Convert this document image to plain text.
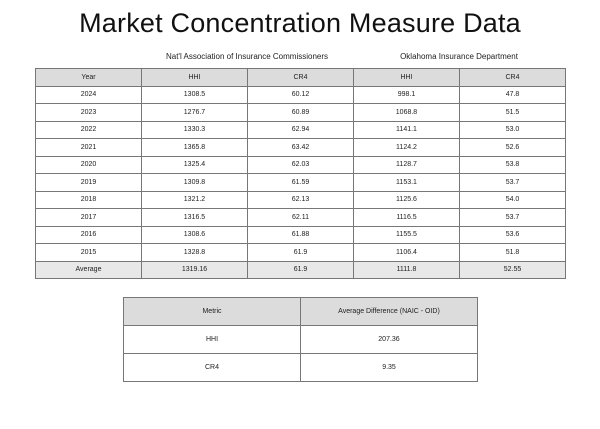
Market Concentration Measure Data
Nat'l Association of Insurance Commissioners	Oklahoma Insurance Department
Year	HHI	CR4	HHI	CR4
2024	1308.5	60.12	998.1	47.8
2023	1276.7	60.89	1068.8	51.5
2022	1330.3	62.94	1141.1	53.0
2021	1365.8	63.42	1124.2	52.6
2020	1325.4	62.03	1128.7	53.8
2019	1309.8	61.59	1153.1	53.7
2018	1321.2	62.13	1125.6	54.0
2017	1316.5	62.11	1116.5	53.7
2016	1308.6	61.88	1155.5	53.6
2015	1328.8	61.9	1106.4	51.8
Average	1319.16	61.9	1111.8	52.55
Metric	Average Difference (NAIC - OID)
HHI	207.36
CR4	9.35
